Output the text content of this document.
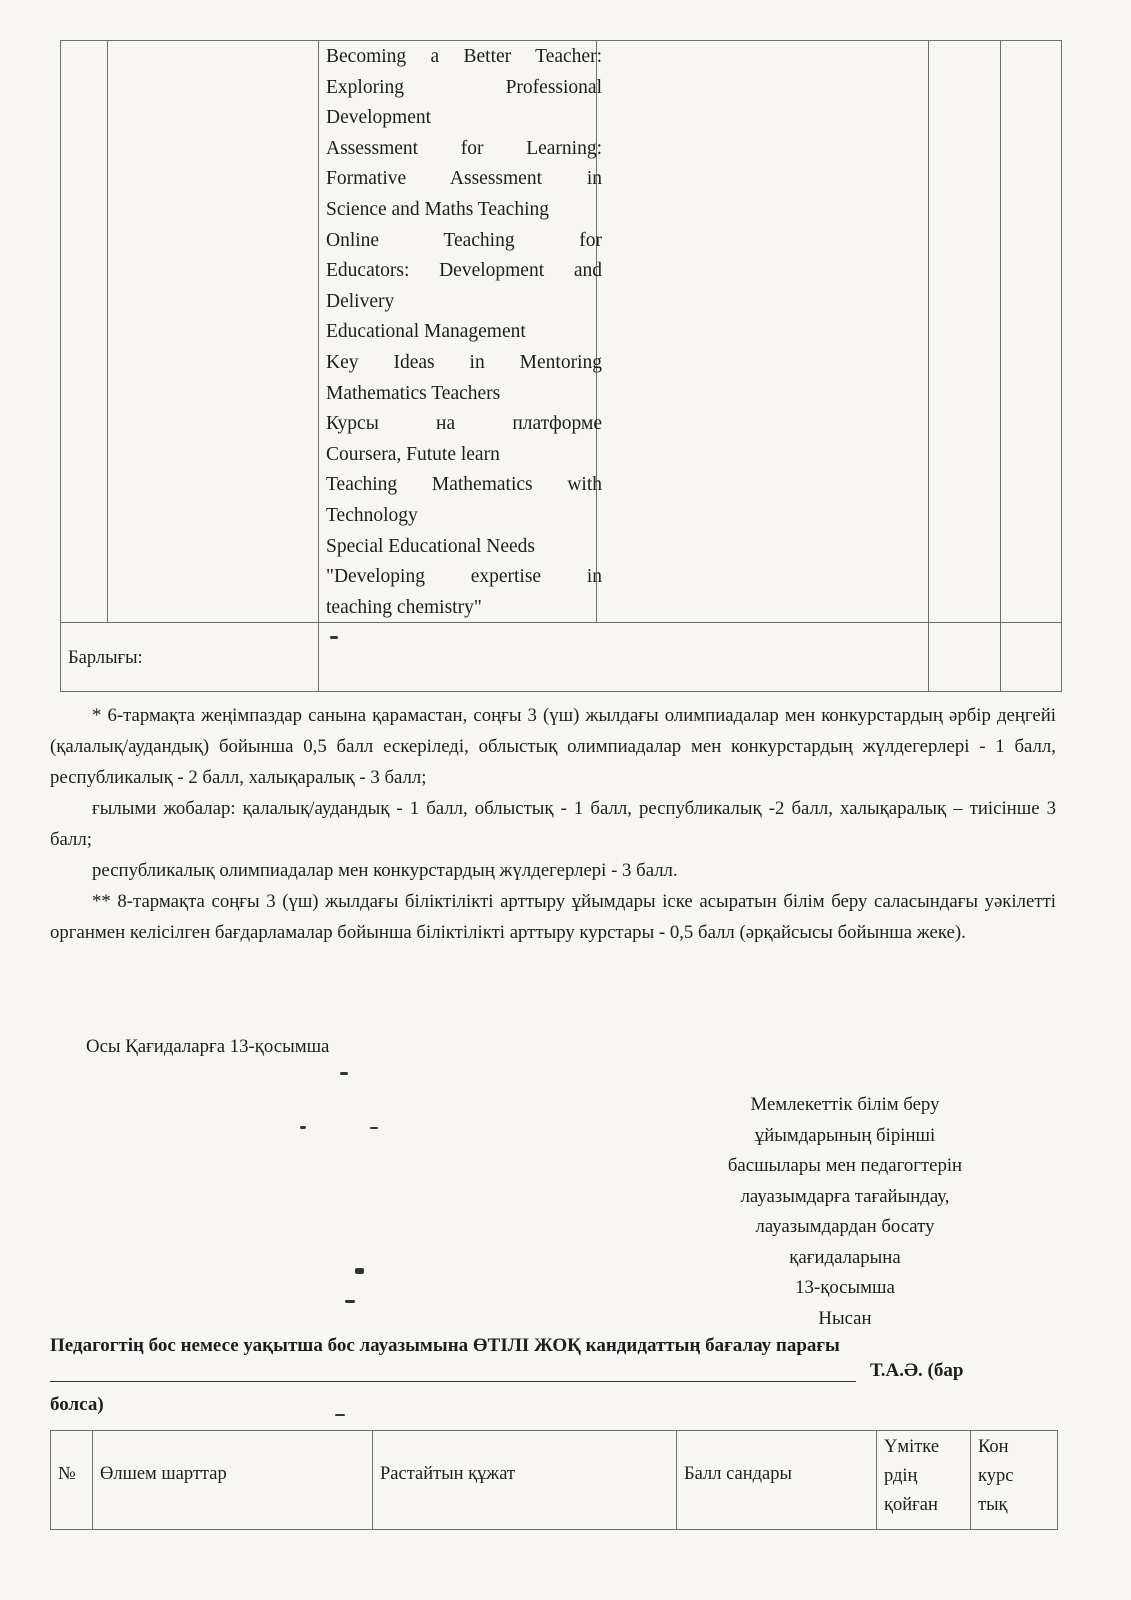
Becoming a Better Teacher:
Exploring Professional
Development
Assessment for Learning:
Formative Assessment in
Science and Maths Teaching
Online Teaching for
Educators: Development and
Delivery
Educational Management
Key Ideas in Mentoring
Mathematics Teachers
Курсы на платформе
Coursera, Futute learn
Teaching Mathematics with
Technology
Special Educational Needs
"Developing expertise in
teaching chemistry"
Барлығы:

* 6-тармақта жеңімпаздар санына қарамастан, соңғы 3 (үш) жылдағы олимпиадалар мен конкурстардың әрбір деңгейі (қалалық/аудандық) бойынша 0,5 балл ескеріледі, облыстық олимпиадалар мен конкурстардың жүлдегерлері - 1 балл, республикалық - 2 балл, халықаралық - 3 балл;

ғылыми жобалар: қалалық/аудандық - 1 балл, облыстық - 1 балл, республикалық -2 балл, халықаралық – тиісінше 3 балл;

республикалық олимпиадалар мен конкурстардың жүлдегерлері - 3 балл.

** 8-тармақта соңғы 3 (үш) жылдағы біліктілікті арттыру ұйымдары іске асыратын білім беру саласындағы уәкілетті органмен келісілген бағдарламалар бойынша біліктілікті арттыру курстары - 0,5 балл (әрқайсысы бойынша жеке).

Осы Қағидаларға 13-қосымша
Мемлекеттік білім беру
ұйымдарының бірінші
басшылары мен педагогтерін
лауазымдарға тағайындау,
лауазымдардан босату
қағидаларына
13-қосымша
Нысан
Педагогтің бос немесе уақытша бос лауазымына ӨТІЛІ ЖОҚ кандидаттың бағалау парағы
Т.А.Ә. (бар
болса)
№ Өлшем шарттар	Растайтын құжат	Балл сандары
Үмітке
рдің
қойған
Кон
курс
тық
